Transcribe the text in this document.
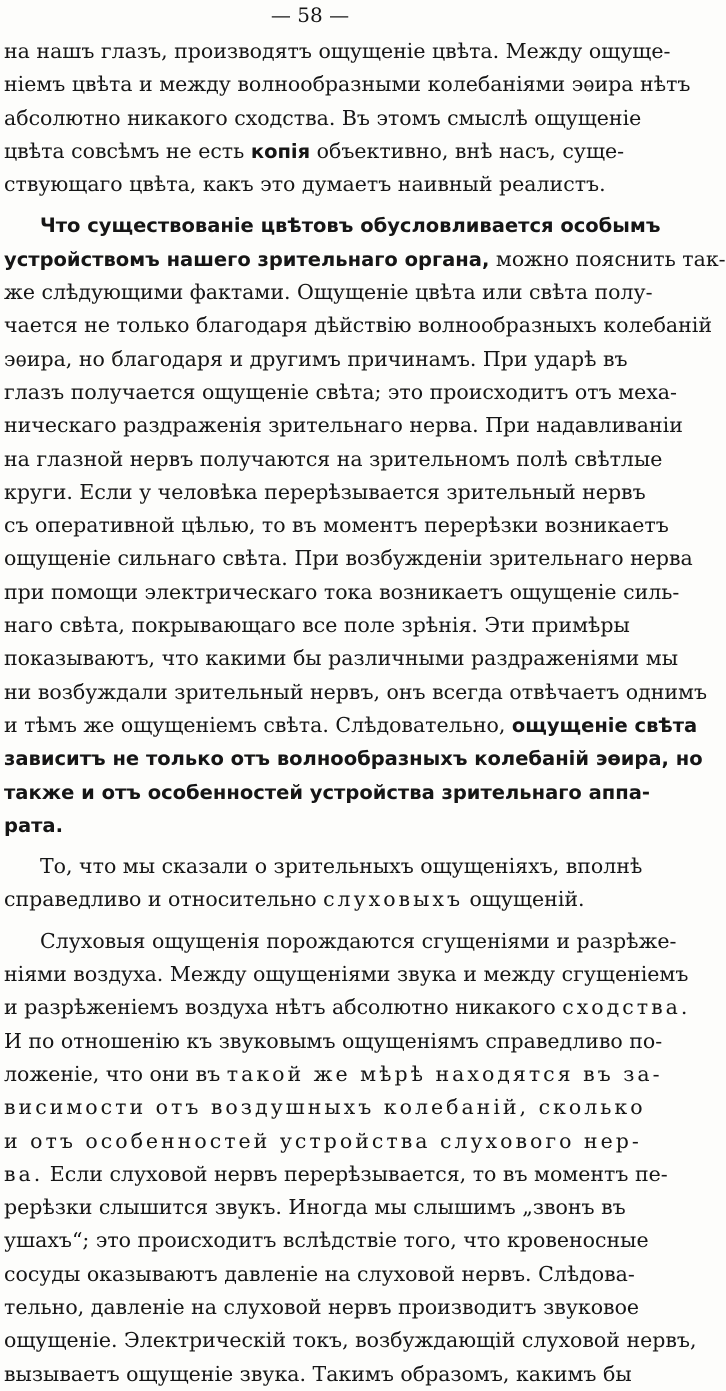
— 58 —
на нашъ глазъ, производятъ ощущеніе цвѣта. Между ощуще-
ніемъ цвѣта и между волнообразными колебаніями эѳира нѣтъ
абсолютно никакого сходства. Въ этомъ смыслѣ ощущеніе
цвѣта совсѣмъ не есть копія объективно, внѣ насъ, суще-
ствующаго цвѣта, какъ это думаетъ наивный реалистъ.
Что существованіе цвѣтовъ обусловливается особымъ
устройствомъ нашего зрительнаго органа, можно пояснить так-
же слѣдующими фактами. Ощущеніе цвѣта или свѣта полу-
чается не только благодаря дѣйствію волнообразныхъ колебаній
эѳира, но благодаря и другимъ причинамъ. При ударѣ въ
глазъ получается ощущеніе свѣта; это происходитъ отъ меха-
ническаго раздраженія зрительнаго нерва. При надавливаніи
на глазной нервъ получаются на зрительномъ полѣ свѣтлые
круги. Если у человѣка перерѣзывается зрительный нервъ
съ оперативной цѣлью, то въ моментъ перерѣзки возникаетъ
ощущеніе сильнаго свѣта. При возбужденіи зрительнаго нерва
при помощи электрическаго тока возникаетъ ощущеніе силь-
наго свѣта, покрывающаго все поле зрѣнія. Эти примѣры
показываютъ, что какими бы различными раздраженіями мы
ни возбуждали зрительный нервъ, онъ всегда отвѣчаетъ однимъ
и тѣмъ же ощущеніемъ свѣта. Слѣдовательно, ощущеніе свѣта
зависитъ не только отъ волнообразныхъ колебаній эѳира, но
также и отъ особенностей устройства зрительнаго аппа-
рата.
То, что мы сказали о зрительныхъ ощущеніяхъ, вполнѣ
справедливо и относительно слуховыхъ ощущеній.
Слуховыя ощущенія порождаются сгущеніями и разрѣже-
ніями воздуха. Между ощущеніями звука и между сгущеніемъ
и разрѣженіемъ воздуха нѣтъ абсолютно никакого сходства.
И по отношенію къ звуковымъ ощущеніямъ справедливо по-
ложеніе, что они въ такой же мѣрѣ находятся въ за-
висимости отъ воздушныхъ колебаній, сколько
и отъ особенностей устройства слухового нер-
ва. Если слуховой нервъ перерѣзывается, то въ моментъ пе-
рерѣзки слышится звукъ. Иногда мы слышимъ „звонъ въ
ушахъ“; это происходитъ вслѣдствіе того, что кровеносные
сосуды оказываютъ давленіе на слуховой нервъ. Слѣдова-
тельно, давленіе на слуховой нервъ производитъ звуковое
ощущеніе. Электрическій токъ, возбуждающій слуховой нервъ,
вызываетъ ощущеніе звука. Такимъ образомъ, какимъ бы
